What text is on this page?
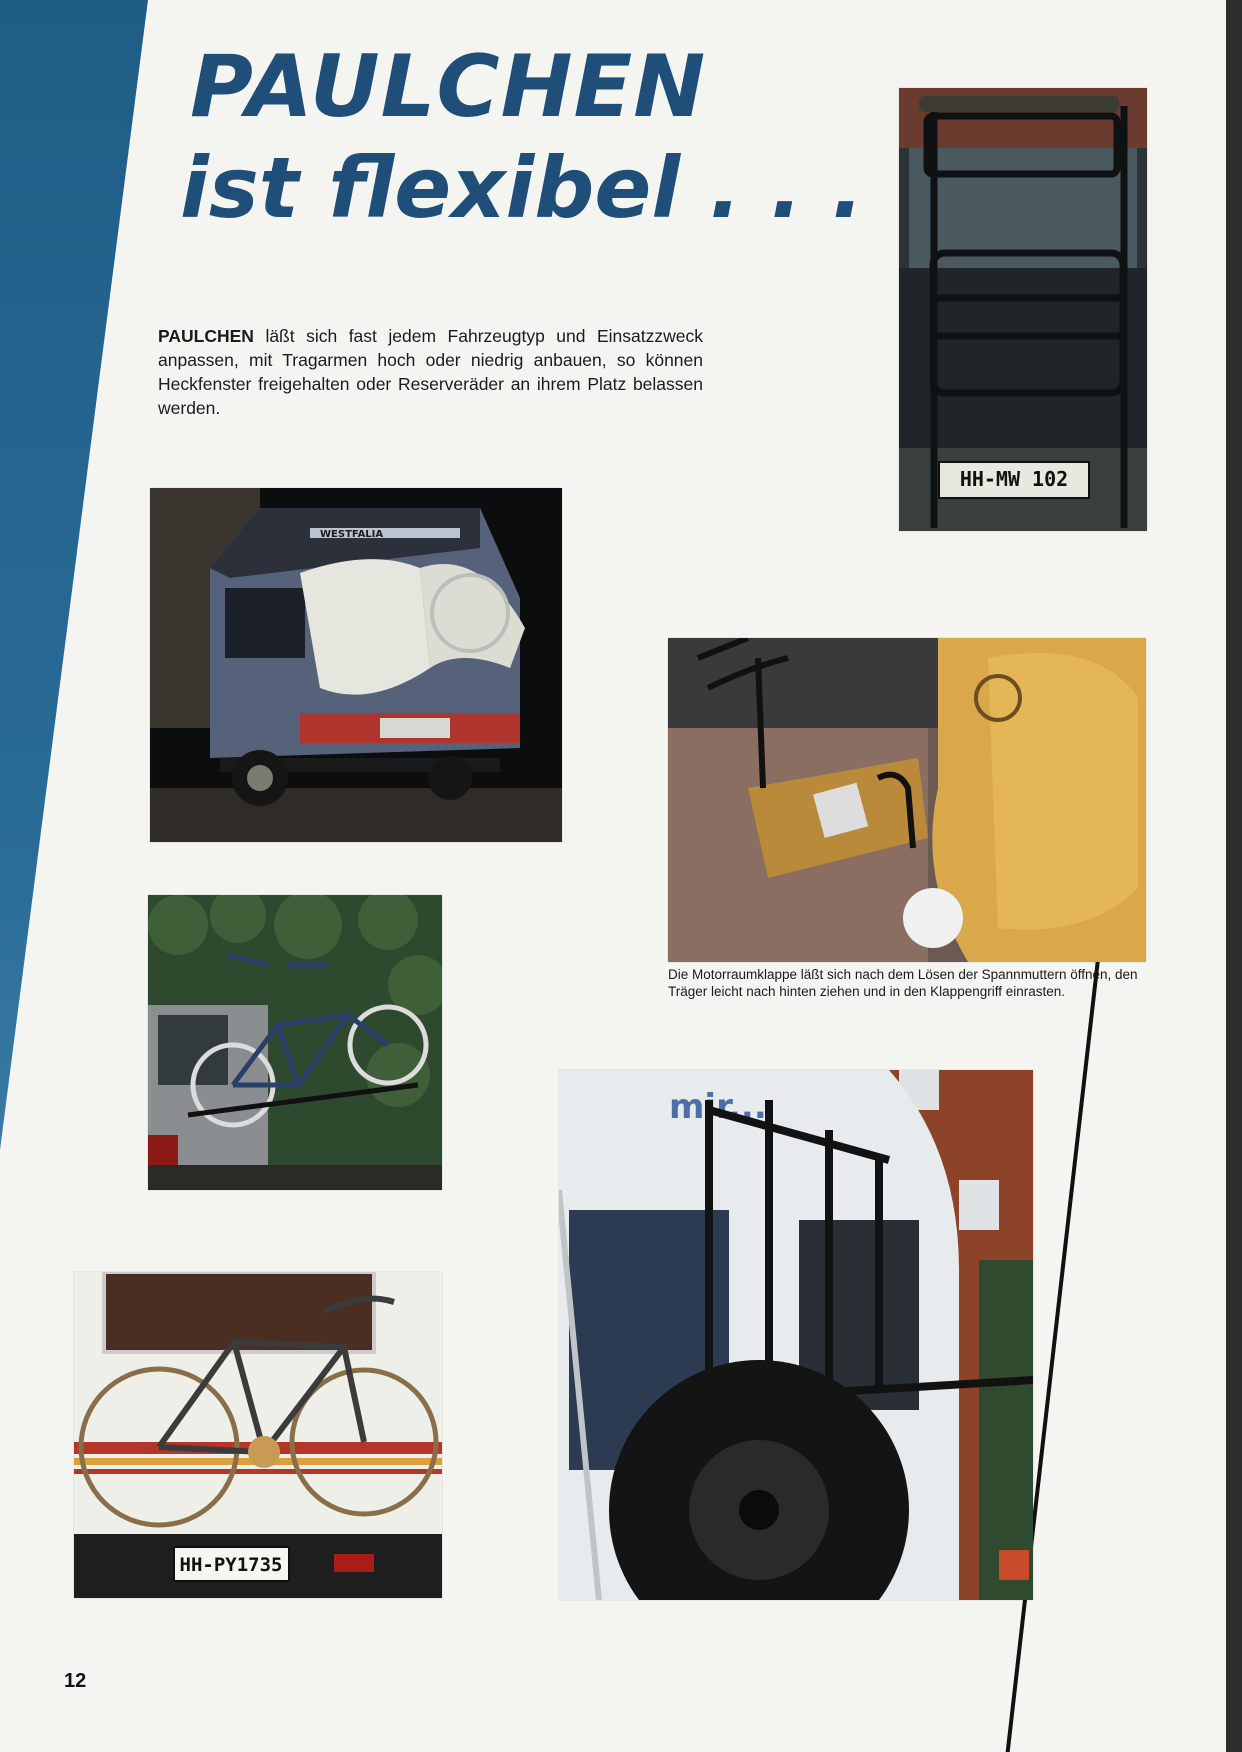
PAULCHEN
ist flexibel . . .

PAULCHEN läßt sich fast jedem Fahrzeugtyp und Einsatzzweck anpassen, mit Tragarmen hoch oder niedrig anbauen, so können Heckfenster freigehalten oder Reserveräder an ihrem Platz belassen werden.

HH-MW 102
WESTFALIA

Die Motorraumklappe läßt sich nach dem Lösen der Spannmuttern öffnen, den Träger leicht nach hinten ziehen und in den Klappengriff einrasten.

HH-PY1735
mir...
12
